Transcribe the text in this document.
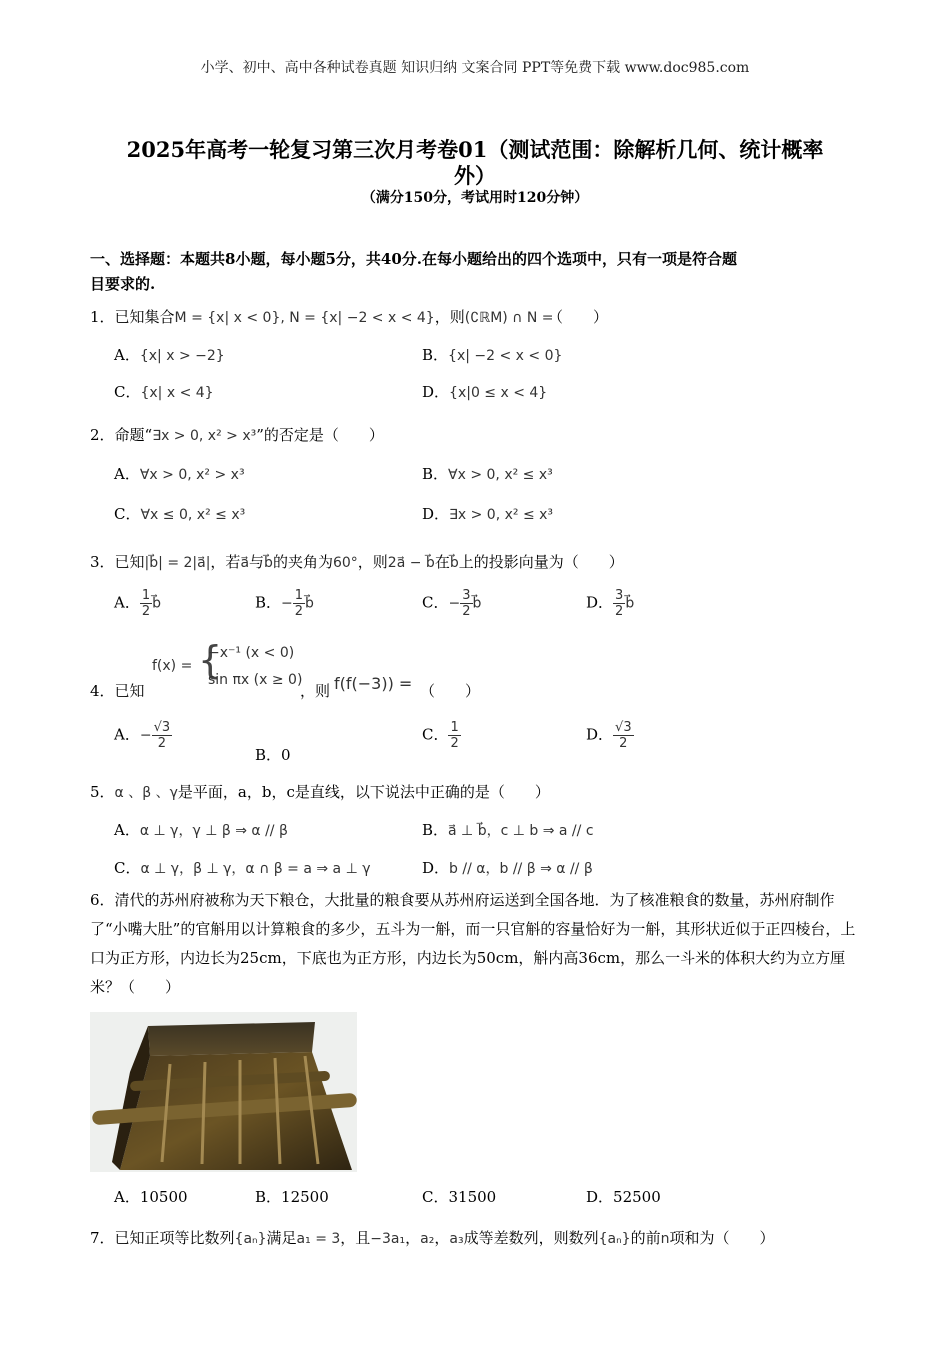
小学、初中、高中各种试卷真题 知识归纳 文案合同 PPT等免费下载 www.doc985.com
2025年高考一轮复习第三次月考卷01（测试范围：除解析几何、统计概率
外）
（满分150分，考试用时120分钟）
一、选择题：本题共8小题，每小题5分，共40分.在每小题给出的四个选项中，只有一项是符合题
目要求的.
1．已知集合M = {x| x < 0}, N = {x| −2 < x < 4}，则(∁ℝM) ∩ N =
（　　）
A．{x| x > −2}	B．{x| −2 < x < 0}
C．{x| x < 4}	D．{x|0 ≤ x < 4}
2．命题“∃x > 0, x² > x³”的否定是（　　）
A．∀x > 0, x² > x³	B．∀x > 0, x² ≤ x³
C．∀x ≤ 0, x² ≤ x³	D．∃x > 0, x² ≤ x³
3．已知|b⃗| = 2|a⃗|，若a⃗与b⃗的夹角为60°，则2a⃗ − b⃗在b⃗上的投影向量为（　　）
A． $\frac{1}{2}$ b⃗	B．− $\frac{1}{2}$ b⃗	C．− $\frac{3}{2}$ b⃗	D． $\frac{3}{2}$ b⃗
4．已知
f(x) = {
−x⁻¹ (x < 0)
sin πx (x ≥ 0)
，则 f(f(−3)) = （　　）
A．− $\frac{√3}{2}$
B．0
C． $\frac{1}{2}$	D． $\frac{√3}{2}$
5．α 、β 、γ是平面，a，b，c是直线，以下说法中正确的是（　　）
A．α ⊥ γ，γ ⊥ β ⇒ α // β	B．a⃗ ⊥ b⃗，c ⊥ b ⇒ a // c
C．α ⊥ γ，β ⊥ γ，α ∩ β = a ⇒ a ⊥ γ	D．b // α，b // β ⇒ α // β
6．清代的苏州府被称为天下粮仓，大批量的粮食要从苏州府运送到全国各地．为了核准粮食的数量，苏州府制作了“小嘴大肚”的官斛用以计算粮食的多少，五斗为一斛，而一只官斛的容量恰好为一斛，其形状近似于正四棱台，上口为正方形，内边长为25cm，下底也为正方形，内边长为50cm，斛内高36cm，那么一斗米的体积大约为立方厘米？（　　）
A．10500	B．12500	C．31500	D．52500
7．已知正项等比数列{aₙ}满足a₁ = 3，且−3a₁，a₂，a₃成等差数列，则数列{aₙ}的前n项和为（　　）
